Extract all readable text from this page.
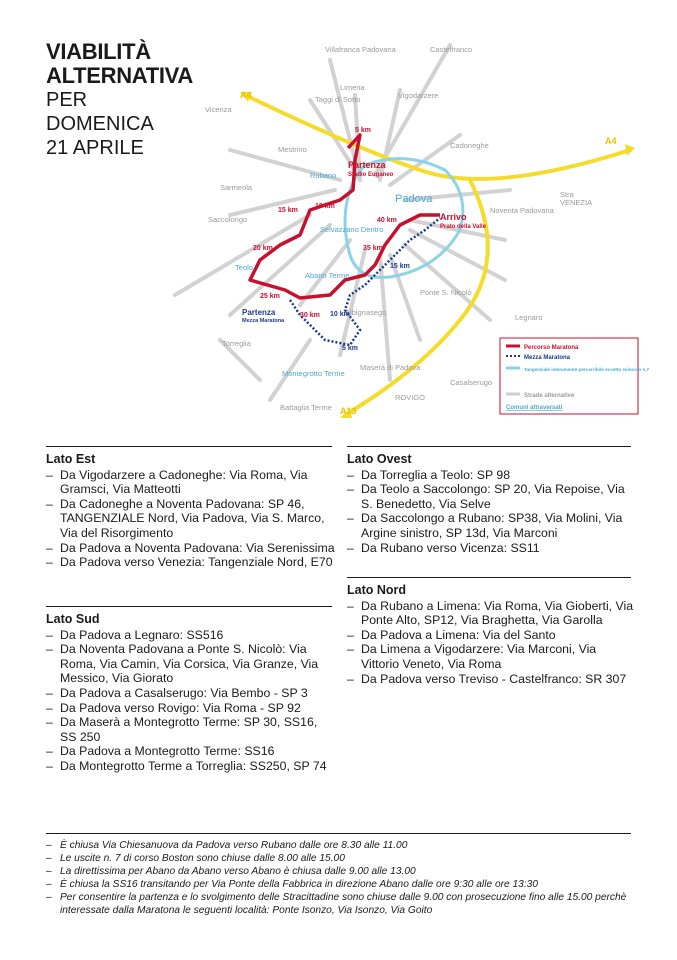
VIABILITÀ
ALTERNATIVA
PER
DOMENICA
21 APRILE
Villafranca Padovana	Castelfranco
Limena
Vigodarzere
Vicenza
Taggi di Sotto
Mestrino	Cadoneghe
Stra
VENEZIA
Rubano
Sarmeola
Padova
Saccolongo
Selvazzano Dentro
Noventa Padovana
Teolo
Abano Terme
Ponte S. Nicolò
Legnaro
Albignasego
Torreglia
Montegrotto Terme
Maserà di Padova
Casalserugo
Battaglia Terme
ROVIGO
A4
A4
A13
Partenza
Stadio Euganeo
Arrivo
Prato della Valle
Partenza
Mezza Maratona
5 km
10 km
15 km
20 km
25 km
30 km
35 km
40 km
5 km
10 km
15 km
Percorso Maratona
Mezza Maratona
Tangenziale interamente percorribile eccetto svincolo n.7
Strade alternative
Comuni attraversati
Lato Est
– Da Vigodarzere a Cadoneghe: Via Roma, Via Gramsci, Via Matteotti
– Da Cadoneghe a Noventa Padovana: SP 46, TANGENZIALE Nord, Via Padova, Via S. Marco, Via del Risorgimento
– Da Padova a Noventa Padovana: Via Serenissima
– Da Padova verso Venezia: Tangenziale Nord, E70
Lato Sud
– Da Padova a Legnaro: SS516
– Da Noventa Padovana a Ponte S. Nicolò: Via Roma, Via Camin, Via Corsica, Via Granze, Via Messico, Via Giorato
– Da Padova a Casalserugo: Via Bembo - SP 3
– Da Padova verso Rovigo: Via Roma - SP 92
– Da Maserà a Montegrotto Terme: SP 30, SS16, SS 250
– Da Padova a Montegrotto Terme: SS16
– Da Montegrotto Terme a Torreglia: SS250, SP 74
Lato Ovest
– Da Torreglia a Teolo: SP 98
– Da Teolo a Saccolongo: SP 20, Via Repoise, Via S. Benedetto, Via Selve
– Da Saccolongo a Rubano: SP38, Via Molini, Via Argine sinistro, SP 13d, Via Marconi
– Da Rubano verso Vicenza: SS11
Lato Nord
– Da Rubano a Limena: Via Roma, Via Gioberti, Via Ponte Alto, SP12, Via Braghetta, Via Garolla
– Da Padova a Limena: Via del Santo
– Da Limena a Vigodarzere: Via Marconi, Via Vittorio Veneto, Via Roma
– Da Padova verso Treviso - Castelfranco: SR 307
– È chiusa Via Chiesanuova da Padova verso Rubano dalle ore 8.30 alle 11.00
– Le uscite n. 7 di corso Boston sono chiuse dalle 8.00 alle 15.00
– La direttissima per Abano da Abano verso Abano è chiusa dalle 9.00 alle 13.00
– È chiusa la SS16 transitando per Via Ponte della Fabbrica in direzione Abano dalle ore 9:30 alle ore 13:30
– Per consentire la partenza e lo svolgimento delle Stracittadine sono chiuse dalle 9.00 con prosecuzione fino alle 15.00 perchè interessate dalla Maratona le seguenti località: Ponte Isonzo, Via Isonzo, Via Goito
